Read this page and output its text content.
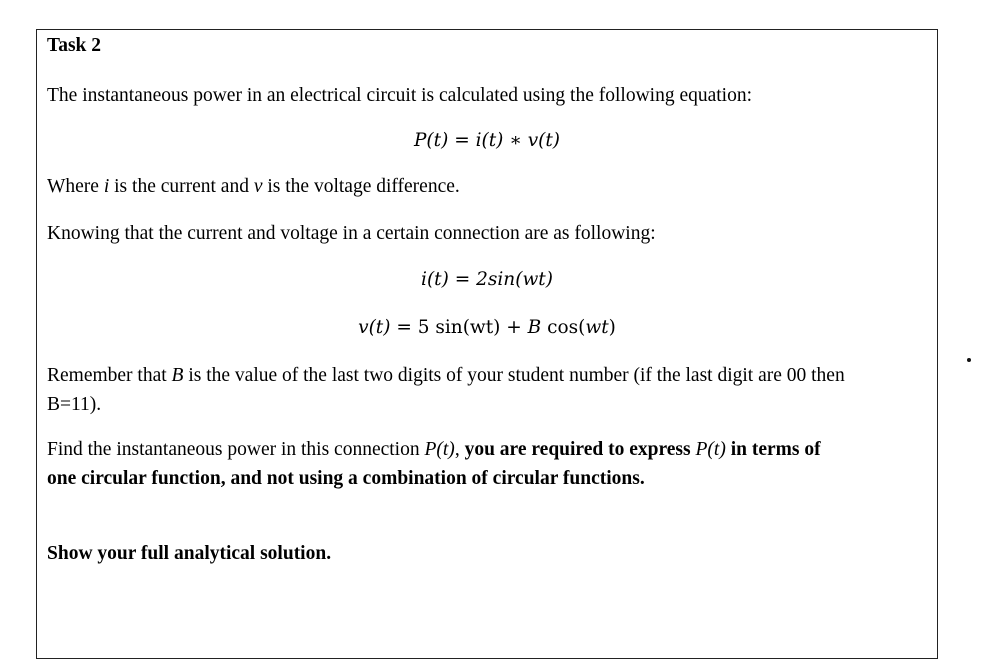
Task 2
The instantaneous power in an electrical circuit is calculated using the following equation:
P(t) = i(t) ∗ v(t)
Where i is the current and v is the voltage difference.
Knowing that the current and voltage in a certain connection are as following:
i(t) = 2sin(wt)
v(t) = 5 sin(wt) + B cos(wt)
Remember that B is the value of the last two digits of your student number (if the last digit are 00 then
B=11).
Find the instantaneous power in this connection P(t), you are required to express P(t) in terms of
one circular function, and not using a combination of circular functions.
Show your full analytical solution.
